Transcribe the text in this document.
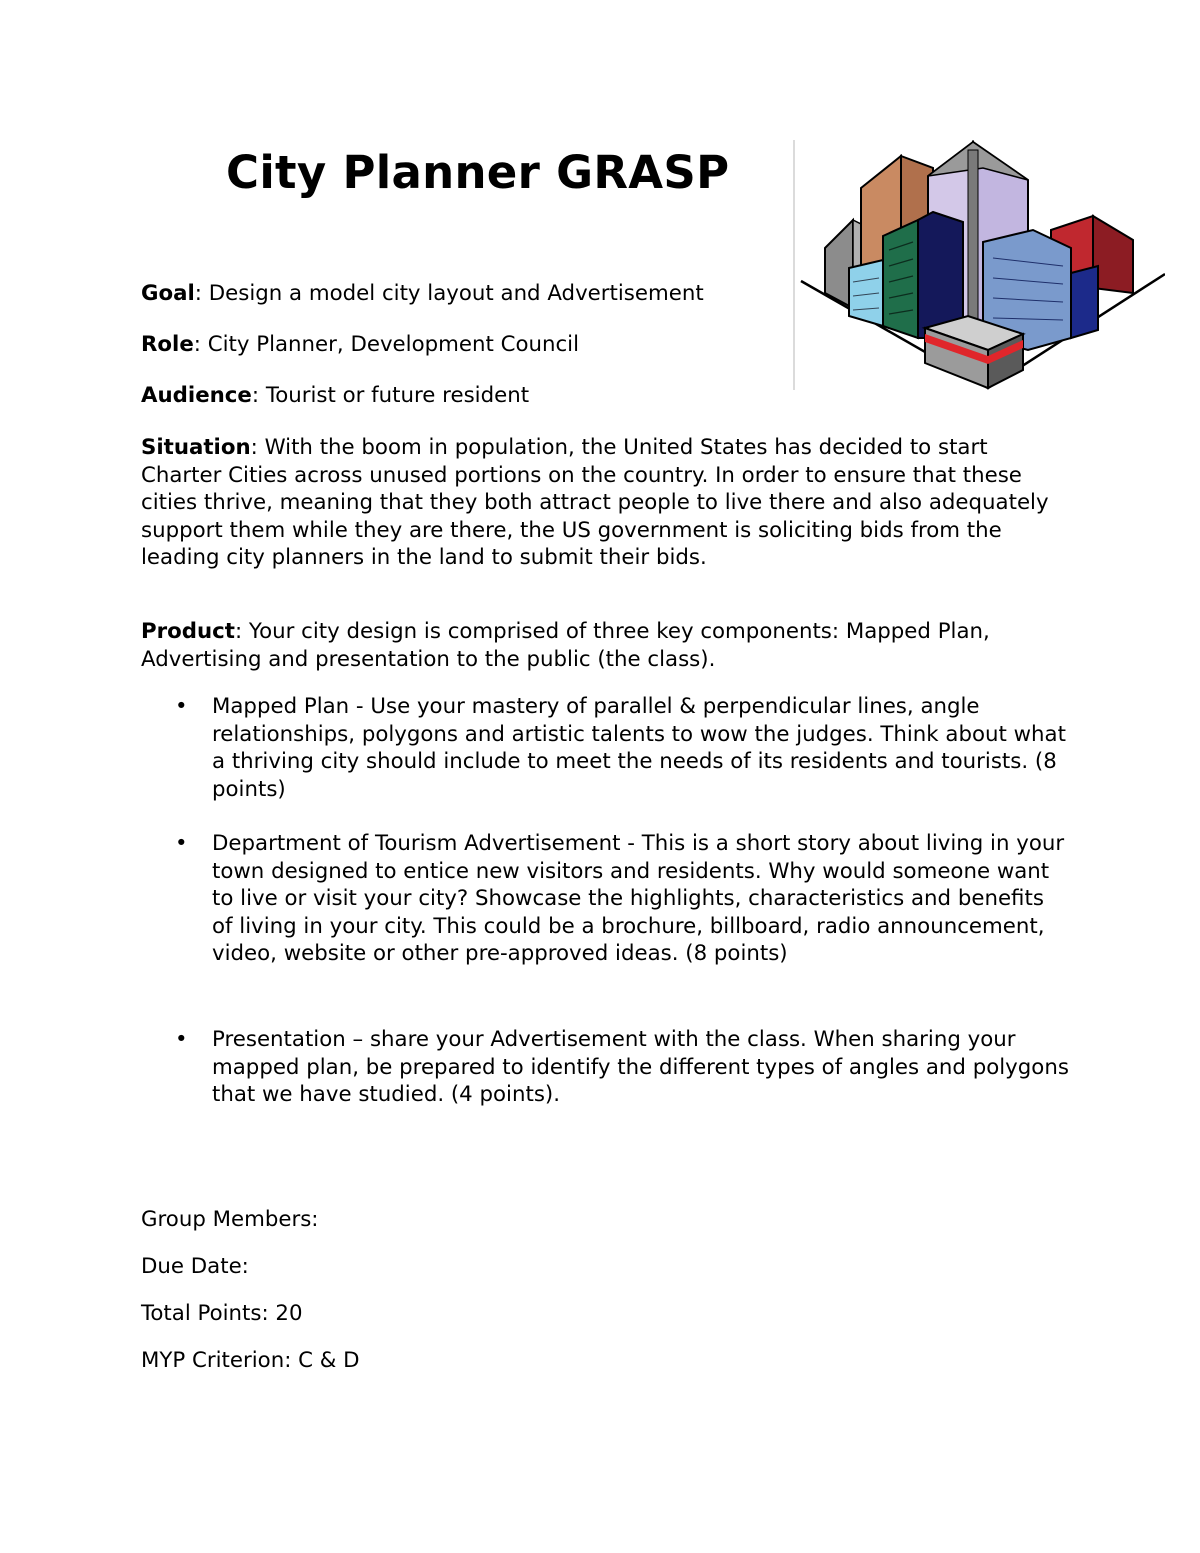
City Planner GRASP

Goal: Design a model city layout and Advertisement

Role: City Planner, Development Council

Audience: Tourist or future resident

Situation: With the boom in population, the United States has decided to start Charter Cities across unused portions on the country. In order to ensure that these cities thrive, meaning that they both attract people to live there and also adequately support them while they are there, the US government is soliciting bids from the leading city planners in the land to submit their bids.

Product: Your city design is comprised of three key components: Mapped Plan, Advertising and presentation to the public (the class).

• Mapped Plan - Use your mastery of parallel & perpendicular lines, angle relationships, polygons and artistic talents to wow the judges. Think about what a thriving city should include to meet the needs of its residents and tourists. (8 points)
• Department of Tourism Advertisement - This is a short story about living in your town designed to entice new visitors and residents. Why would someone want to live or visit your city? Showcase the highlights, characteristics and benefits of living in your city. This could be a brochure, billboard, radio announcement, video, website or other pre-approved ideas. (8 points)
• Presentation – share your Advertisement with the class. When sharing your mapped plan, be prepared to identify the different types of angles and polygons that we have studied. (4 points).

Group Members:

Due Date:

Total Points: 20

MYP Criterion: C & D
